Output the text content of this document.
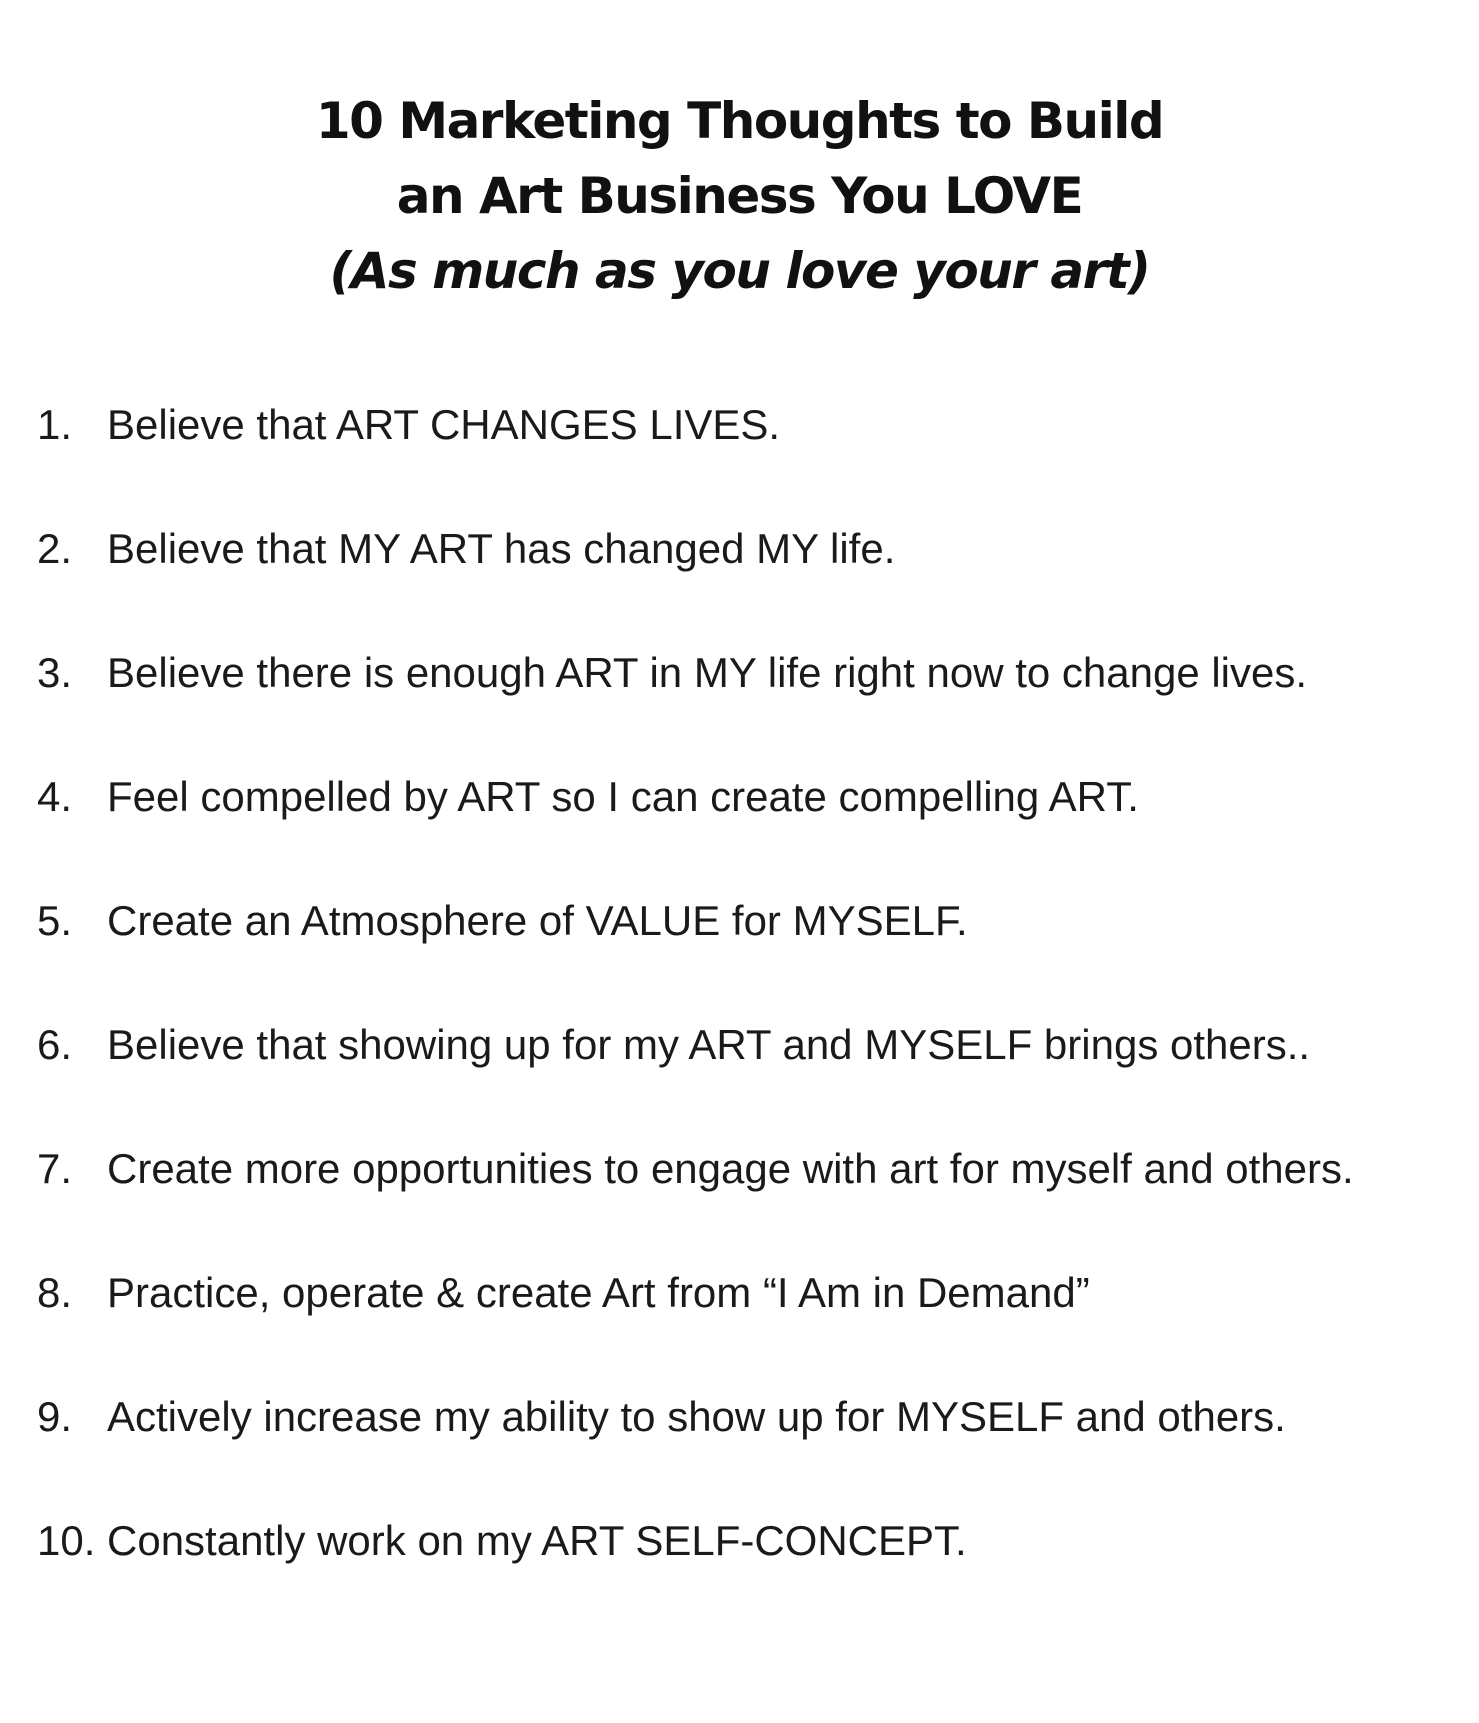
10 Marketing Thoughts to Build
an Art Business You LOVE
(As much as you love your art)
1. Believe that ART CHANGES LIVES.
2. Believe that MY ART has changed MY life.
3. Believe there is enough ART in MY life right now to change lives.
4. Feel compelled by ART so I can create compelling ART.
5. Create an Atmosphere of VALUE for MYSELF.
6. Believe that showing up for my ART and MYSELF brings others..
7. Create more opportunities to engage with art for myself and others.
8. Practice, operate & create Art from “I Am in Demand”
9. Actively increase my ability to show up for MYSELF and others.
10. Constantly work on my ART SELF-CONCEPT.
